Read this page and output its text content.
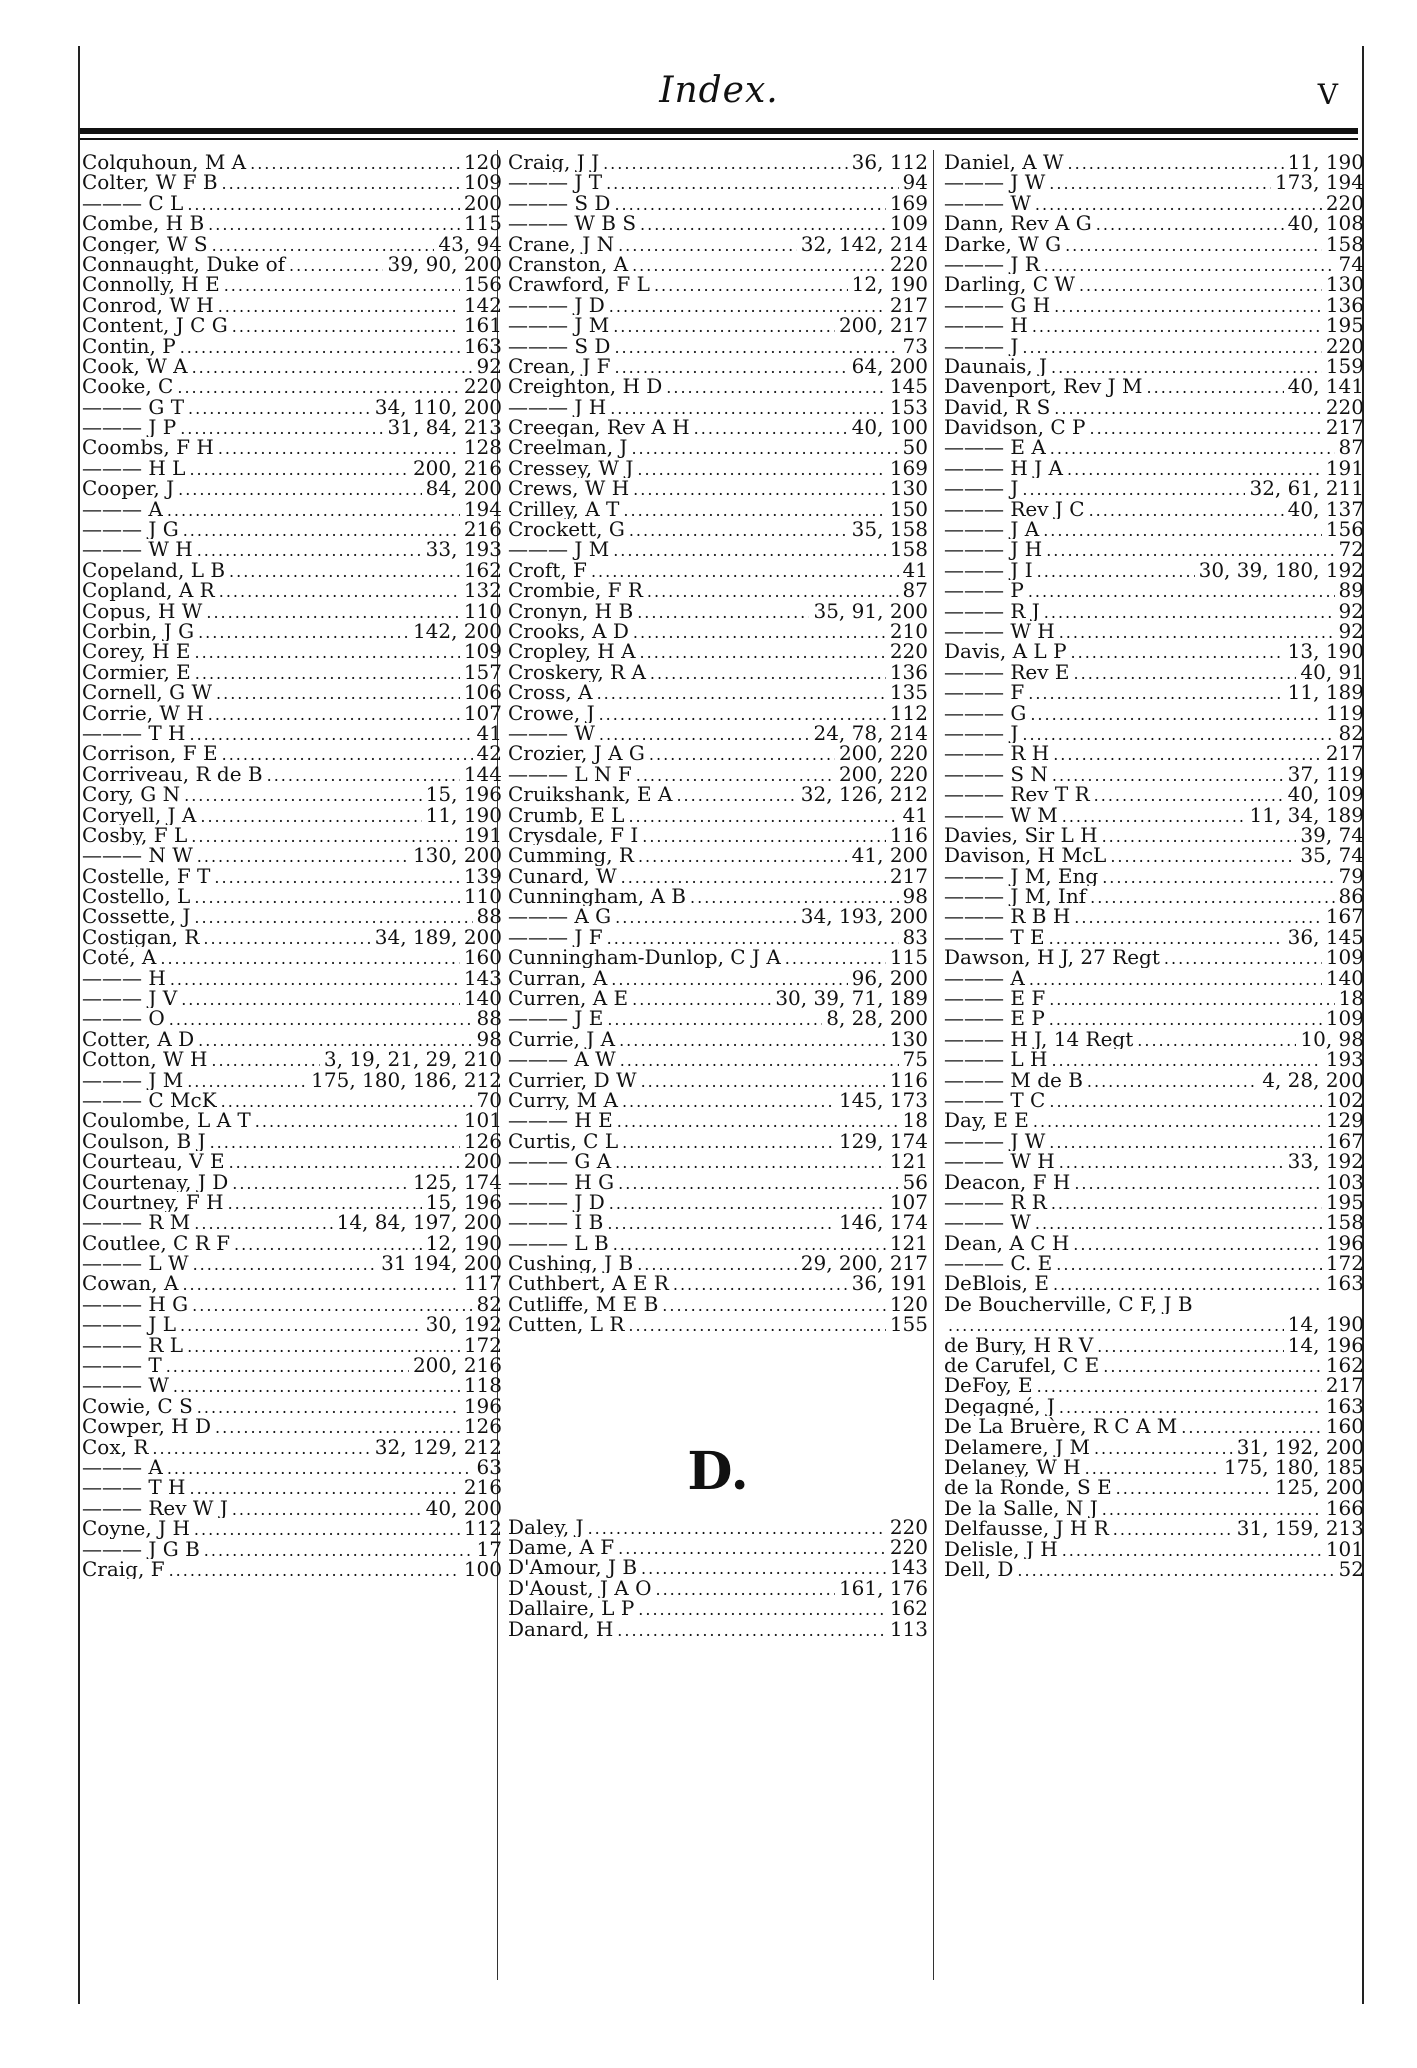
Index.	V
Colquhoun, M A .....	120
Colter, W F B .....	109
——— C L .....	200
Combe, H B .....	115
Conger, W S .....	43, 94
Connaught, Duke of .....	39, 90, 200
Connolly, H E .....	156
Conrod, W H .....	142
Content, J C G .....	161
Contin, P .....	163
Cook, W A .....	92
Cooke, C .....	220
——— G T .....	34, 110, 200
——— J P .....	31, 84, 213
Coombs, F H .....	128
——— H L .....	200, 216
Cooper, J .....	84, 200
——— A .....	194
——— J G .....	216
——— W H .....	33, 193
Copeland, L B .....	162
Copland, A R .....	132
Copus, H W .....	110
Corbin, J G .....	142, 200
Corey, H E .....	109
Cormier, E .....	157
Cornell, G W .....	106
Corrie, W H .....	107
——— T H .....	41
Corrison, F E .....	42
Corriveau, R de B .....	144
Cory, G N .....	15, 196
Coryell, J A .....	11, 190
Cosby, F L .....	191
——— N W .....	130, 200
Costelle, F T .....	139
Costello, L .....	110
Cossette, J .....	88
Costigan, R .....	34, 189, 200
Coté, A .....	160
——— H .....	143
——— J V .....	140
——— O .....	88
Cotter, A D .....	98
Cotton, W H .....	3, 19, 21, 29, 210
——— J M .....	175, 180, 186, 212
——— C McK .....	70
Coulombe, L A T .....	101
Coulson, B J .....	126
Courteau, V E .....	200
Courtenay, J D .....	125, 174
Courtney, F H .....	15, 196
——— R M .....	14, 84, 197, 200
Coutlee, C R F .....	12, 190
——— L W .....	31 194, 200
Cowan, A .....	117
——— H G .....	82
——— J L .....	30, 192
——— R L .....	172
——— T .....	200, 216
——— W .....	118
Cowie, C S .....	196
Cowper, H D .....	126
Cox, R .....	32, 129, 212
——— A .....	63
——— T H .....	216
——— Rev W J .....	40, 200
Coyne, J H .....	112
——— J G B .....	17
Craig, F .....	100
Craig, J J .....	36, 112
——— J T .....	94
——— S D .....	169
——— W B S .....	109
Crane, J N .....	32, 142, 214
Cranston, A .....	220
Crawford, F L .....	12, 190
——— J D .....	217
——— J M .....	200, 217
——— S D .....	73
Crean, J F .....	64, 200
Creighton, H D .....	145
——— J H .....	153
Creegan, Rev A H .....	40, 100
Creelman, J .....	50
Cressey, W J .....	169
Crews, W H .....	130
Crilley, A T .....	150
Crockett, G .....	35, 158
——— J M .....	158
Croft, F .....	41
Crombie, F R .....	87
Cronyn, H B .....	35, 91, 200
Crooks, A D .....	210
Cropley, H A .....	220
Croskery, R A .....	136
Cross, A .....	135
Crowe, J .....	112
——— W .....	24, 78, 214
Crozier, J A G .....	200, 220
——— L N F .....	200, 220
Cruikshank, E A .....	32, 126, 212
Crumb, E L .....	41
Crysdale, F I .....	116
Cumming, R .....	41, 200
Cunard, W .....	217
Cunningham, A B .....	98
——— A G .....	34, 193, 200
——— J F .....	83
Cunningham-Dunlop, C J A .....	115
Curran, A .....	96, 200
Curren, A E .....	30, 39, 71, 189
——— J E .....	8, 28, 200
Currie, J A .....	130
——— A W .....	75
Currier, D W .....	116
Curry, M A .....	145, 173
——— H E .....	18
Curtis, C L .....	129, 174
——— G A .....	121
——— H G .....	56
——— J D .....	107
——— I B .....	146, 174
——— L B .....	121
Cushing, J B .....	29, 200, 217
Cuthbert, A E R .....	36, 191
Cutliffe, M E B .....	120
Cutten, L R .....	155
D.
Daley, J .....	220
Dame, A F .....	220
D'Amour, J B .....	143
D'Aoust, J A O .....	161, 176
Dallaire, L P .....	162
Danard, H .....	113
Daniel, A W .....	11, 190
——— J W .....	173, 194
——— W .....	220
Dann, Rev A G .....	40, 108
Darke, W G .....	158
——— J R .....	74
Darling, C W .....	130
——— G H .....	136
——— H .....	195
——— J .....	220
Daunais, J .....	159
Davenport, Rev J M .....	40, 141
David, R S .....	220
Davidson, C P .....	217
——— E A .....	87
——— H J A .....	191
——— J .....	32, 61, 211
——— Rev J C .....	40, 137
——— J A .....	156
——— J H .....	72
——— J I .....	30, 39, 180, 192
——— P .....	89
——— R J .....	92
——— W H .....	92
Davis, A L P .....	13, 190
——— Rev E .....	40, 91
——— F .....	11, 189
——— G .....	119
——— J .....	82
——— R H .....	217
——— S N .....	37, 119
——— Rev T R .....	40, 109
——— W M .....	11, 34, 189
Davies, Sir L H .....	39, 74
Davison, H McL .....	35, 74
——— J M, Eng .....	79
——— J M, Inf .....	86
——— R B H .....	167
——— T E .....	36, 145
Dawson, H J, 27 Regt .....	109
——— A .....	140
——— E F .....	18
——— E P .....	109
——— H J, 14 Regt .....	10, 98
——— L H .....	193
——— M de B .....	4, 28, 200
——— T C .....	102
Day, E E .....	129
——— J W .....	167
——— W H .....	33, 192
Deacon, F H .....	103
——— R R .....	195
——— W .....	158
Dean, A C H .....	196
——— C. E .....	172
DeBlois, E .....	163
De Boucherville, C F, J B
.....
14, 190
de Bury, H R V .....	14, 196
de Carufel, C E .....	162
DeFoy, E .....	217
Degagné, J .....	163
De La Bruère, R C A M .....	160
Delamere, J M .....	31, 192, 200
Delaney, W H .....	175, 180, 185
de la Ronde, S E .....	125, 200
De la Salle, N J .....	166
Delfausse, J H R .....	31, 159, 213
Delisle, J H .....	101
Dell, D .....	52
